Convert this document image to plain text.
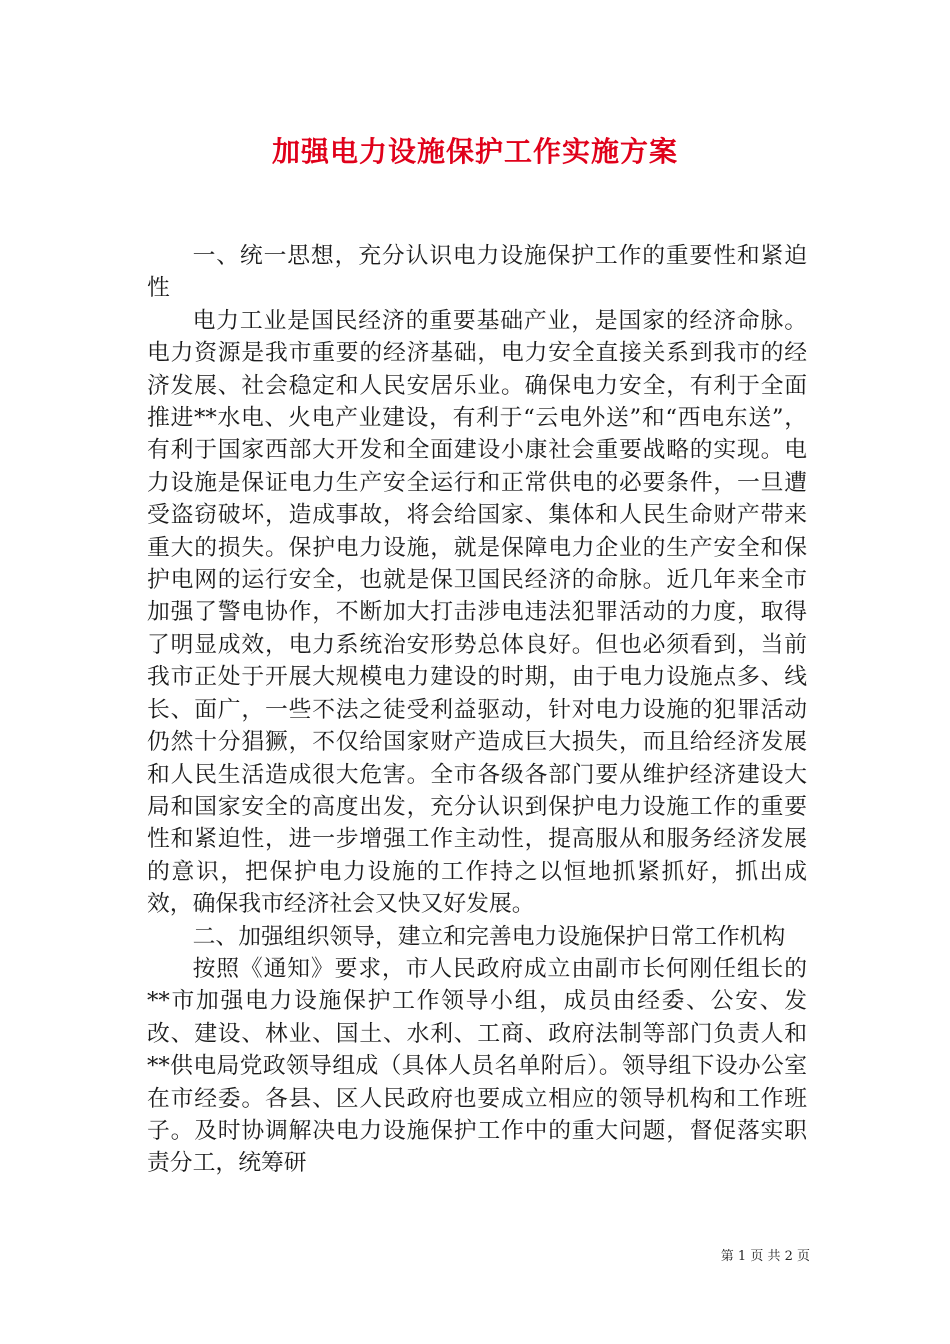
加强电力设施保护工作实施方案
一、统一思想，充分认识电力设施保护工作的重要性和紧迫性
电力工业是国民经济的重要基础产业，是国家的经济命脉。电力资源是我市重要的经济基础，电力安全直接关系到我市的经济发展、社会稳定和人民安居乐业。确保电力安全，有利于全面推进**水电、火电产业建设，有利于“云电外送”和“西电东送”，有利于国家西部大开发和全面建设小康社会重要战略的实现。电力设施是保证电力生产安全运行和正常供电的必要条件，一旦遭受盗窃破坏，造成事故，将会给国家、集体和人民生命财产带来重大的损失。保护电力设施，就是保障电力企业的生产安全和保护电网的运行安全，也就是保卫国民经济的命脉。近几年来全市加强了警电协作，不断加大打击涉电违法犯罪活动的力度，取得了明显成效，电力系统治安形势总体良好。但也必须看到，当前我市正处于开展大规模电力建设的时期，由于电力设施点多、线长、面广，一些不法之徒受利益驱动，针对电力设施的犯罪活动仍然十分猖獗，不仅给国家财产造成巨大损失，而且给经济发展和人民生活造成很大危害。全市各级各部门要从维护经济建设大局和国家安全的高度出发，充分认识到保护电力设施工作的重要性和紧迫性，进一步增强工作主动性，提高服从和服务经济发展的意识，把保护电力设施的工作持之以恒地抓紧抓好，抓出成效，确保我市经济社会又快又好发展。
二、加强组织领导，建立和完善电力设施保护日常工作机构
按照《通知》要求，市人民政府成立由副市长何刚任组长的**市加强电力设施保护工作领导小组，成员由经委、公安、发改、建设、林业、国土、水利、工商、政府法制等部门负责人和**供电局党政领导组成（具体人员名单附后）。领导组下设办公室在市经委。各县、区人民政府也要成立相应的领导机构和工作班子。及时协调解决电力设施保护工作中的重大问题，督促落实职责分工，统筹研
第 1 页 共 2 页
